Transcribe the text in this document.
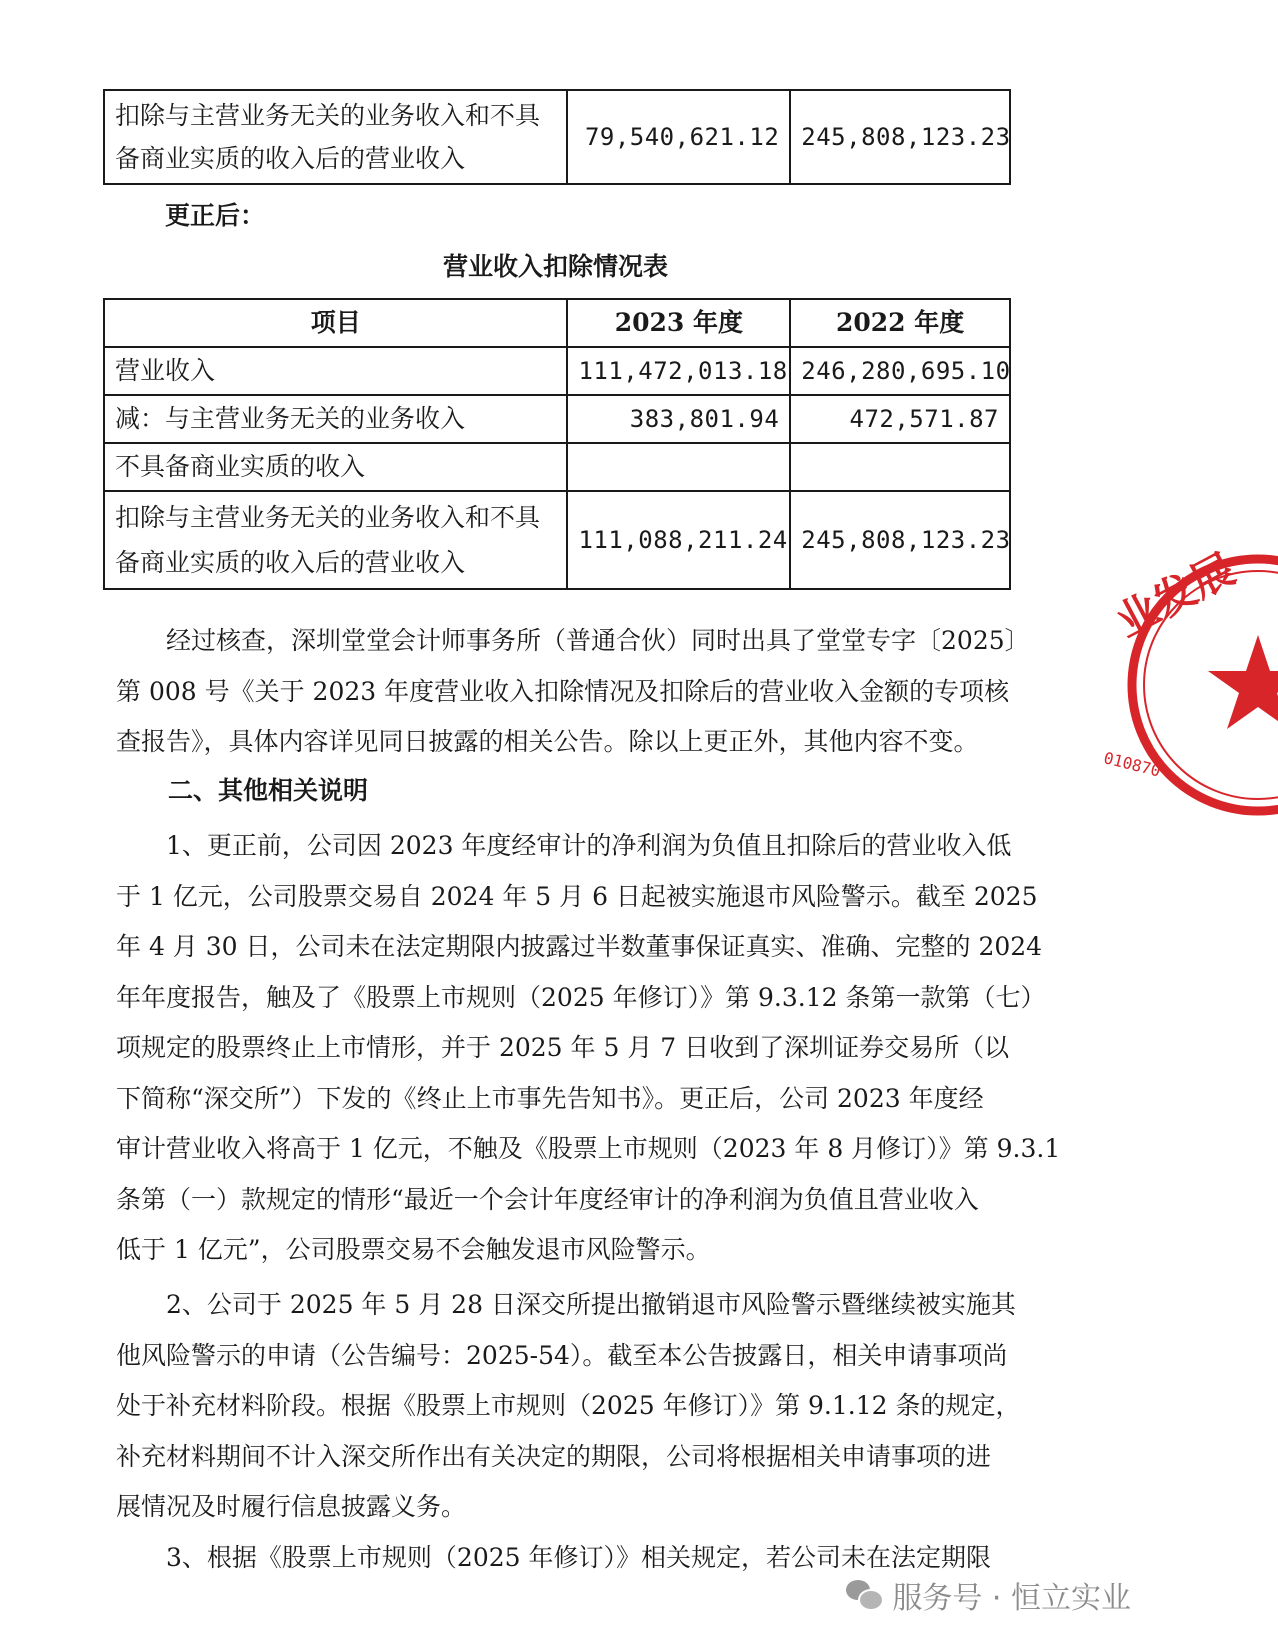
扣除与主营业务无关的业务收入和不具
备商业实质的收入后的营业收入
	79,540,621.12	245,808,123.23
更正后：
营业收入扣除情况表
项目	2023 年度	2022 年度
营业收入	111,472,013.18	246,280,695.10
减：与主营业务无关的业务收入	383,801.94	472,571.87
不具备商业实质的收入		

扣除与主营业务无关的业务收入和不具
备商业实质的收入后的营业收入	111,088,211.24	245,808,123.23
经过核查，深圳堂堂会计师事务所（普通合伙）同时出具了堂堂专字〔2025〕
第 008 号《关于 2023 年度营业收入扣除情况及扣除后的营业收入金额的专项核
查报告》，具体内容详见同日披露的相关公告。除以上更正外，其他内容不变。
二、其他相关说明
1、更正前，公司因 2023 年度经审计的净利润为负值且扣除后的营业收入低
于 1 亿元，公司股票交易自 2024 年 5 月 6 日起被实施退市风险警示。截至 2025
年 4 月 30 日，公司未在法定期限内披露过半数董事保证真实、准确、完整的 2024
年年度报告，触及了《股票上市规则（2025 年修订）》第 9.3.12 条第一款第（七）
项规定的股票终止上市情形，并于 2025 年 5 月 7 日收到了深圳证券交易所（以
下简称“深交所”）下发的《终止上市事先告知书》。更正后，公司 2023 年度经
审计营业收入将高于 1 亿元，不触及《股票上市规则（2023 年 8 月修订）》第 9.3.1
条第（一）款规定的情形“最近一个会计年度经审计的净利润为负值且营业收入
低于 1 亿元”，公司股票交易不会触发退市风险警示。
2、公司于 2025 年 5 月 28 日深交所提出撤销退市风险警示暨继续被实施其
他风险警示的申请（公告编号：2025-54）。截至本公告披露日，相关申请事项尚
处于补充材料阶段。根据《股票上市规则（2025 年修订）》第 9.1.12 条的规定，
补充材料期间不计入深交所作出有关决定的期限，公司将根据相关申请事项的进
展情况及时履行信息披露义务。
3、根据《股票上市规则（2025 年修订）》相关规定，若公司未在法定期限
业发展
010870
服务号 · 恒立实业
